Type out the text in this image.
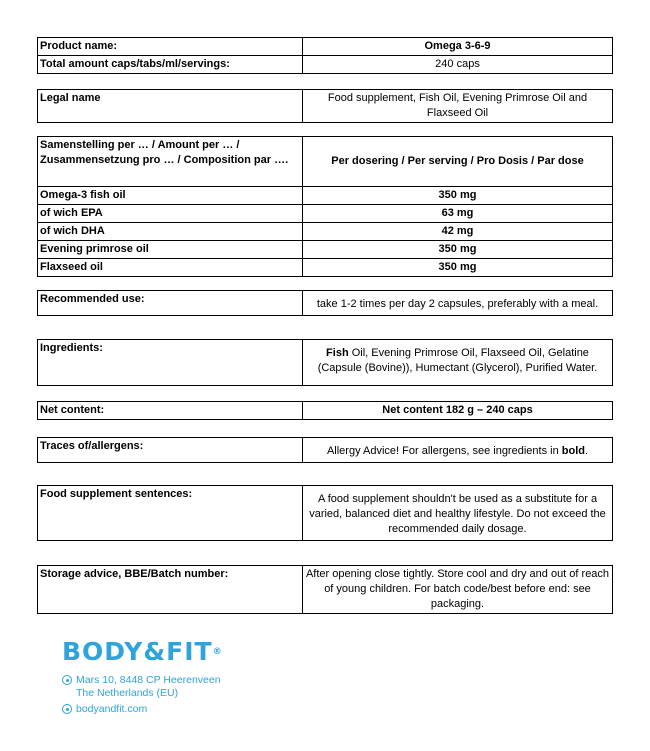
Product name:	Omega 3-6-9
Total amount caps/tabs/ml/servings:	240 caps
Legal name	Food supplement, Fish Oil, Evening Primrose Oil and Flaxseed Oil
Samenstelling per … / Amount per … / Zusammensetzung pro … / Composition par ….	Per dosering / Per serving / Pro Dosis / Par dose
Omega-3 fish oil	350 mg
of wich EPA	63 mg
of wich DHA	42 mg
Evening primrose oil	350 mg
Flaxseed oil	350 mg
Recommended use:	take 1-2 times per day 2 capsules, preferably with a meal.
Ingredients:	Fish Oil, Evening Primrose Oil, Flaxseed Oil, Gelatine (Capsule (Bovine)), Humectant (Glycerol), Purified Water.
Net content:	Net content 182 g – 240 caps
Traces of/allergens:	Allergy Advice! For allergens, see ingredients in bold.
Food supplement sentences:	A food supplement shouldn't be used as a substitute for a varied, balanced diet and healthy lifestyle. Do not exceed the recommended daily dosage.
Storage advice, BBE/Batch number:	After opening close tightly. Store cool and dry and out of reach of young children. For batch code/best before end: see packaging.
BODY&FIT®
Mars 10, 8448 CP Heerenveen
The Netherlands (EU)
bodyandfit.com
